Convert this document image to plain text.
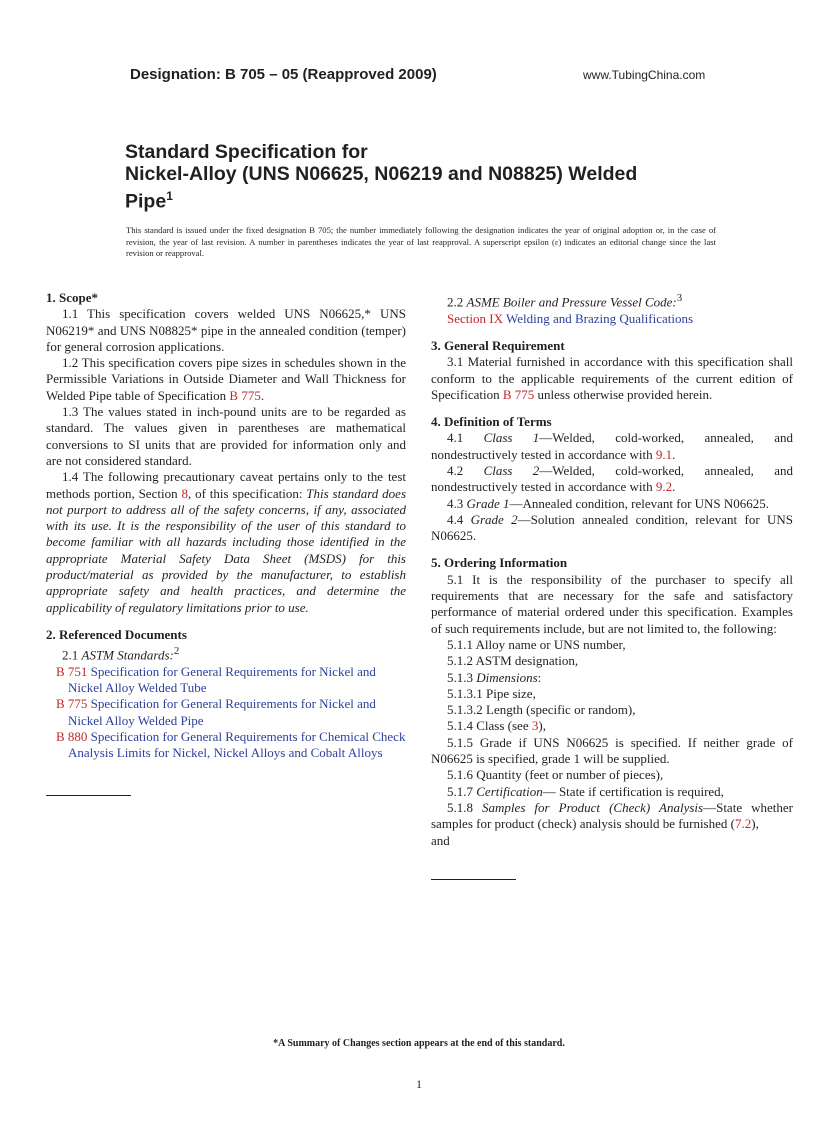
Designation: B 705 – 05 (Reapproved 2009)	www.TubingChina.com
Standard Specification for
Nickel-Alloy (UNS N06625, N06219 and N08825) Welded
Pipe$^1$
This standard is issued under the fixed designation B 705; the number immediately following the designation indicates the year of original adoption or, in the case of revision, the year of last revision. A number in parentheses indicates the year of last reapproval. A superscript epsilon (ε) indicates an editorial change since the last revision or reapproval.
1. Scope*

1.1 This specification covers welded UNS N06625,* UNS N06219* and UNS N08825* pipe in the annealed condition (temper) for general corrosion applications.

1.2 This specification covers pipe sizes in schedules shown in the Permissible Variations in Outside Diameter and Wall Thickness for Welded Pipe table of Specification B 775.

1.3 The values stated in inch-pound units are to be regarded as standard. The values given in parentheses are mathematical conversions to SI units that are provided for information only and are not considered standard.

1.4 The following precautionary caveat pertains only to the test methods portion, Section 8, of this specification: This standard does not purport to address all of the safety concerns, if any, associated with its use. It is the responsibility of the user of this standard to become familiar with all hazards including those identified in the appropriate Material Safety Data Sheet (MSDS) for this product/material as provided by the manufacturer, to establish appropriate safety and health practices, and determine the applicability of regulatory limitations prior to use.

2. Referenced Documents

2.1 ASTM Standards:$^2$

B 751 Specification for General Requirements for Nickel and Nickel Alloy Welded Tube

B 775 Specification for General Requirements for Nickel and Nickel Alloy Welded Pipe

B 880 Specification for General Requirements for Chemical Check Analysis Limits for Nickel, Nickel Alloys and Cobalt Alloys

2.2 ASME Boiler and Pressure Vessel Code:$^3$

Section IX Welding and Brazing Qualifications

3. General Requirement

3.1 Material furnished in accordance with this specification shall conform to the applicable requirements of the current edition of Specification B 775 unless otherwise provided herein.

4. Definition of Terms

4.1 Class 1—Welded, cold-worked, annealed, and nondestructively tested in accordance with 9.1.

4.2 Class 2—Welded, cold-worked, annealed, and nondestructively tested in accordance with 9.2.

4.3 Grade 1—Annealed condition, relevant for UNS N06625.

4.4 Grade 2—Solution annealed condition, relevant for UNS N06625.

5. Ordering Information

5.1 It is the responsibility of the purchaser to specify all requirements that are necessary for the safe and satisfactory performance of material ordered under this specification. Examples of such requirements include, but are not limited to, the following:

5.1.1 Alloy name or UNS number,

5.1.2 ASTM designation,

5.1.3 Dimensions:

5.1.3.1 Pipe size,

5.1.3.2 Length (specific or random),

5.1.4 Class (see 3),

5.1.5 Grade if UNS N06625 is specified. If neither grade of N06625 is specified, grade 1 will be supplied.

5.1.6 Quantity (feet or number of pieces),

5.1.7 Certification— State if certification is required,

5.1.8 Samples for Product (Check) Analysis—State whether samples for product (check) analysis should be furnished (7.2),

and

*A Summary of Changes section appears at the end of this standard.
1
